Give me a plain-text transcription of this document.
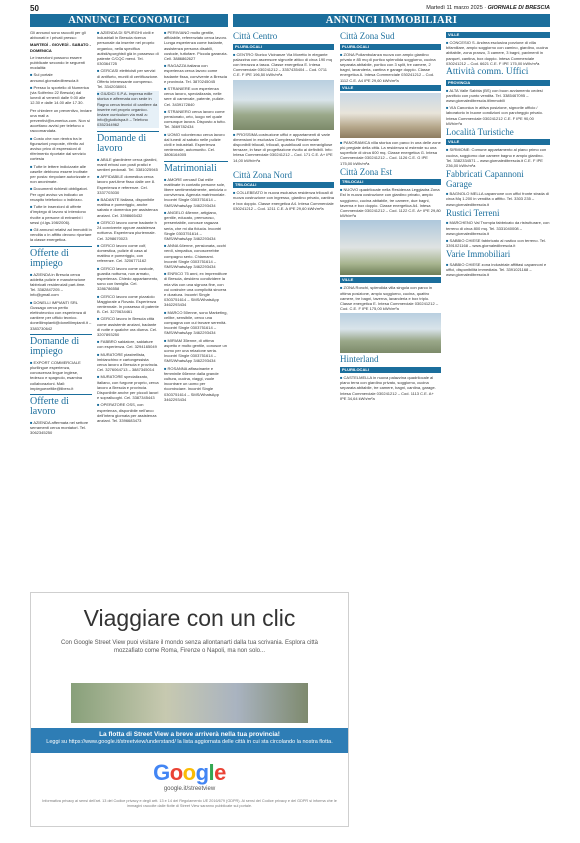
50	Martedì 11 marzo 2025 · GIORNALE DI BRESCIA
ANNUNCI ECONOMICI	ANNUNCI IMMOBILIARI

Gli annunci sono raccolti per gli abbonati e i privati presso:

MARTEDÌ - GIOVEDÌ - SABATO - DOMENICA

Le inserzioni possono essere pubblicate secondo le seguenti modalità:

■ Sul portale annunci.giornaledibrescia.it

■ Presso lo sportello di Numerica (via Solferino 22 Brescia) dal lunedì al venerdì dalle 9.00 alle 12.30 e dalle 14.00 alle 17.30.

Per chiedere un preventivo, inviare una mail a preventivi@numerica.com. Non si accettano avvisi per telefono o raccomandata.

■ Costo che non rientra tra le figurazioni proposte, riferito ad avviso privo di espressioni di riferimento riportate dal servizio cortesia

■ Tutte le lettere indicizzate alle caselle debbono essere inoltrate per posta: rimpolare autorizzate e non anonimate.

■ Documenti richiesti obbligatori. Per ogni avviso va indicato un recapito telefonico o indirizzo.

■ Tutte le inserzioni di offerte d'impiego di lavoro si intendono rivolte a persone di entrambi i sessi (d.lgs.198/2006).

■ Gli annunci relativi ad immobili in vendita o in affitto devono riportare la classe energetica.

Offerte di impiego

■ AZIENDA in Brescia cerca addetta pulizie e manutenzione fabbricati residenziali part-time. Tel. 3382847205 – info@gmail.com

■ DONELLI IMPIANTI SRL Gussago cerca perito elettrotecnico con esperienza di cantiere per ufficio tecnico. donelliimpianti@donelliimpianti.it – 3383730642

Domande di impiego

■ EXPORT COMMERCIALE plurilingue esperienza, conoscenza lingue inglese, tedesco e spagnolo, esamina collaborazioni. Mail: impiegoexeltile@libero.it

Offerte di lavoro

■ AZIENDA affermata nel settore serramenti cerca montatori. Tel. 3062345250

■ AZIENDA DI SPURGHI civili e industriali in Brescia ricerca personale da inserire nel proprio organico, nella specifica autisti/spurghisti già in possesso di patente C/CQC merci. Tel. 030364725

■ CERCASI elettricisti per servizi di antifurto, muniti di certificazione. Offerto interessante compenso. Tel. 3342038001

■ GIUDICI S.P.A. impresa edile storica e affermata con sede in Ragno cerca tecnici di cantiere da inserire nel proprio organico. Inviare curriculum via mail a: info@giudicispa.it – Telefono 0352344962

Domande di lavoro

■ ABILE giardiniere cerca giardini, manti erbosi con posti pratici e sentieri pedonali. Tel. 3381025945

■ AFFIDABILE domestica cerca lavoro part-time fisso dalle ore 8. Esperienza e referenze. Cel. 3337703030

■ BADANTE italiana, disponibile mattina e pomeriggio, anche sabato e domenica per assistenza anziani. Cel. 3398665432

■ CERCO lavoro come badante h 24 convivente oppure assistenza notturna. Esperienza pluriennale. Cel. 3298670023

■ CERCO lavoro come colf, domestica, pulizie di casa al mattino e pomeriggio, con referenze. Cel. 3206771162

■ CERCO lavoro come custode, guardia notturna, non armato, esperienza. Chiedo appartamento, sono con famiglia. Cel. 3286786558

■ CERCO lavoro come pizzaiolo Maggiorale a Rovato. Esperienza ventennale. In possesso di patente B. Cel. 3270634461

■ CERCO lavoro in Brescia città come assistente anziani, badante di notte e qualche ora diurna. Cel. 3207893250

■ FABBRO saldatore, saldature con esperienza. Cel. 3294165049

■ MURATORE piastrellista, imbianchino e cartongessista cerca lavoro a Brescia e provincia. Cel. 3276064713 – 3887345014

■ MURATORE specializzato, italiano, con furgone proprio, cerca lavoro a Brescia e provincia. Disponibile anche per piccoli lavori e sopralluoghi. Cel. 3387345443

■ OPERATORE OSS, con esperienza, disponibile nell'arco dell'intera giornata per assistenza anziani. Tel. 3396683473

■ PERIVIANO molto gentile, affidabile, referenziato cerca lavoro. Lunga esperienza come badante, assistenza persona disabili, custode, tuttofare. Piccola garanzia. Cell. 3886862627

■ RAGAZZA italiana con esperienza cerca lavoro come badante fissa, convivente a Brescia e provincia. Tel. 3870245045

■ STRANIERE con esperienza cerca lavoro, specializzata, nelle sere di carnevale, patente, pulizie. Cel. 3439172840

■ STRANIERO cerca lavoro come pensionato, orto, luogo nel quale comunque lavora. Disposto a tutto. Tel. 3669782434

■ UOMO volonteroso cerca lavoro dal lunedì al sabato nelle pulizie civili e industriali. Esperienza ventennale, automunito. Cel. 3806164005

Matrimoniali

■ AMORE cercasi! Dai mille mattinate in contatto persone sole, libere sentimentalmente, amicizia o convivenza. Agenzia matrimoniale. Incontri Single 0303751614 – SMS/WhatsApp 3462293434

■ ANGELO 48enne, artigiano, gentile, educato, premuroso, presentabile, conosce ragazza seria, che mi dia fiducia. Incontri Single 0303751614 – SMS/WhatsApp 3462293434

■ ANNA 64enne, pensionata, occhi verdi, simpatica, conoscerebbe compagno serio. Chiamami. Incontri Single 0303751614 – SMS/WhatsApp 3462293434

■ ENRICO 75 anni, ex imprenditore di Brescia, desidero condividere la mia vita con una signora fine, con cui costruire una complicità sincera e duratura. Incontri Single 0303751614 – SMS/WhatsApp 3462293434

■ MARCO 50enne, sono Marketing, celibe, sensibile, cerco una compagna con cui trovare serenità. Incontri Single 0303751614 – SMS/WhatsApp 3462293434

■ MIRIAM 35enne, di ottima aspetto e molto gentile, conosce un uomo per una relazione seria. Incontri Single 0303751614 – SMS/WhatsApp 3462293434

■ ROSANNA affascinante e femminile 66enne dalla grande cultura, cucina, viaggi, vuole incontrare un uomo per ricominciare. Incontri Single 0303751614 – SMS/WhatsApp 3462293434

Città Centro
PLURILOCALI

■ CENTRO Storico Vicinanze Via Moretto in elegante palazzina con ascensore signorile attico di circa 190 mq con terrazza a tasca. Classe energetica E. Intesa Commerciale 030241212 – 3357435404 – Cod. 0711 C.E. F IPE 196,50 kWh/m²a

■ PROSSIMA costruzione uffici e appartamenti di varie dimensioni in esclusiva Complesso Residenziale disponibili trilocali, trilocali, quadrilocali con meravigliose terrazze, in fase di progettazione rivolto ai definibili. Info: Intesa Commerciale 030241212 – Cod. 171 C.E. A+ IPE 14,00 kWh/m²a

Città Zona Nord
TRILOCALI

■ COLLEBEATO in nuova esclusiva residenza trilocali di nuova costruzione con ingresso, giardino privato, cantina e box doppio. Classe energetica A4. Intesa Commerciale 030241212 – Cod. 1211 C.E. A IPE 29,60 kWh/m²a

Città Zona Sud
PLURILOCALI

■ ZONA Poliambulanza nuova con ampio giardino privato e 85 mq di portico splendida soggiorno, cucina separata abitabile, portico con 3 split, tre camere, 2 bagni, lavanderia, cantina e garage doppio. Classe energetica A. Intesa Commerciale 030241212 – Cod. 1112 C.E. A4 IPE 29,60 kWh/m²a

VILLE

■ PANORAMICA villa storica con parco in una delle zone più pregiate della città. La residenza si estende su una superficie di circa 600 mq. Classe energetica G. Intesa Commerciale 030241212 – Cod. 1126 C.E. G IPE 175,00 kWh/m²a

Città Zona Est
TRILOCALI

■ NUOVO quadrilocale nella Residenza Leggiadra Zona Est in nuova costruzione con giardino privato, ampio soggiorno, cucina abitabile, tre camere, due bagni, taverna e box doppio. Classe energetica A4. Intesa Commerciale 030241212 – Cod. 1122 C.E. A+ IPE 29,80 kWh/m²a

VILLE

■ ZONA Ronchi, splendida villa singola con parco in ottima posizione, ampio soggiorno, cucina, quattro camere, tre bagni, taverna, lavanderia e box triplo. Classe energetica E. Intesa Commerciale 030241212 – Cod. C.E. F IPE 175,00 kWh/m²a

Hinterland
PLURILOCALI

■ CASTELMELLA in nuova palazzina quadrilocale al piano terra con giardino privato, soggiorno, cucina separata abitabile, tre camere, bagni, cantina, garage. Intesa Commerciale 030241212 – Cod. 1113 C.E. A+ IPE 34,64 kWh/m²a

VILLE

■ CONCESIO S. Andrea esclusiva porzione di villa bifamiliare, ampio soggiorno con camino, giardino, cucina abitabile, zona pranzo, 3 camere, 3 bagni, pavimenti in parquet, cantina, box doppio. Intesa Commerciale 030241212 – Cod. 6621 C.E. F IPE 175,00 kWh/m²a

Attività comm. Uffici
PROVINCIA

■ ALTA Valle Sabbia (BS) con buon avviamento cedesi panificio con punto vendita. Tel. 3385467095 – www.giornaledibrescia.it/immobili

■ VIA Canonica in attiva posizione, signorile ufficio / laboratorio in buone condizioni con parcheggio privato. Intesa Commerciale 030241212 C.E. F IPE 90,00 kWh/m²a

Località Turistiche
VILLE

■ SIRMIONE: Comune appartamento al piano primo con cucina, soggiorno due camere bagno e ampio giardino. Tel. 3382334571 – www.giornaledibrescia.it C.E. F IPE 236,00 kWh/m²a

Fabbricati Capannoni Garage

■ BAGNOLO MELLA capannone con uffici fronte strada di circa Mq 1.200 in vendita o affitto. Tel. 3303 235 – www.giornaledibrescia.it

Rustici Terreni

■ MARCHENO Val Trompia fabbricato da ristrutturare, con terreno di circa 800 mq. Tel. 3331040008 – www.giornaledibrescia.it

■ SABBIO CHIESE fabbricato al rustico con terreno. Tel. 3391021168 – www.giornaledibrescia.it

Varie Immobiliari

■ SABBIO CHIESE zona industriale affittasi capannoni e uffici, disponibilità immediata. Tel. 3391021168 – www.giornaledibrescia.it

Viaggiare con un clic
Con Google Street View puoi visitare il mondo senza allontanarti dalla tua scrivania. Esplora città mozzafiato come Roma, Firenze o Napoli, ma non solo...
La flotta di Street View a breve arriverà nella tua provincia!
Leggi su https://www.google.it/streetview/understand/ la lista aggiornata delle città in cui sta circolando la nostra flotta.
Google
google.it/streetview
Informativa privacy ai sensi dell'art. 13 del Codice privacy e degli artt. 13 e 14 del Regolamento UE 2016/679 (GDPR). Ai sensi del Codice privacy e del GDPR si informa che le immagini raccolte dalle flotte di Street View saranno pubblicate sul portale.
